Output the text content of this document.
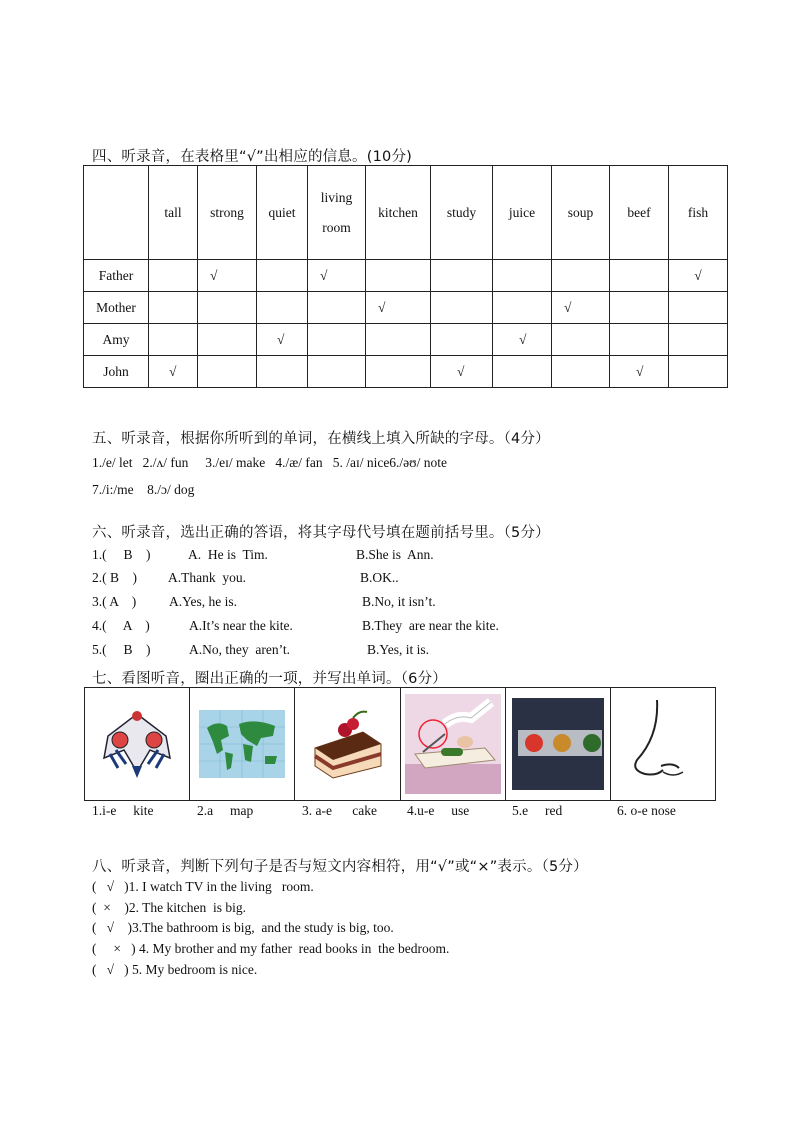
四、听录音，在表格里“√”出相应的信息。(10分)
	tall	strong	quiet	living room	kitchen	study	juice	soup	beef	fish
Father		√		√						√
Mother					√			√		
Amy			√				√			
John	√					√			√	
五、听录音，根据你所听到的单词，在横线上填入所缺的字母。（4分）
1./e/ let   2./ʌ/ fun     3./eɪ/ make   4./æ/ fan   5. /aɪ/ nice6./əʊ/ note
7./i:/me    8./ɔ/ dog
六、听录音，选出正确的答语，将其字母代号填在题前括号里。（5分）
1.(     B    )	A.  He is  Tim.	B.She is  Ann.
2.( B    ) A.Thank  you.	B.OK..
3.( A    ) A.Yes, he is.	B.No, it isn’t.
4.(     A    )	A.It’s near the kite.	B.They  are near the kite.
5.(     B    )	A.No, they  aren’t.	B.Yes, it is.
七、看图听音，圈出正确的一项，并写出单词。（6分）
1.i-e     kite	2.a     map	3. a-e      cake	4.u-e     use	5.e     red	6. o-e nose
八、听录音，判断下列句子是否与短文内容相符，用“√”或“×”表示。（5分）
(   √   )1. I watch TV in the living   room.
(  ×    )2. The kitchen  is big.
(   √    )3.The bathroom is big,  and the study is big, too.
(     ×   ) 4. My brother and my father  read books in  the bedroom.
(   √   ) 5. My bedroom is nice.
